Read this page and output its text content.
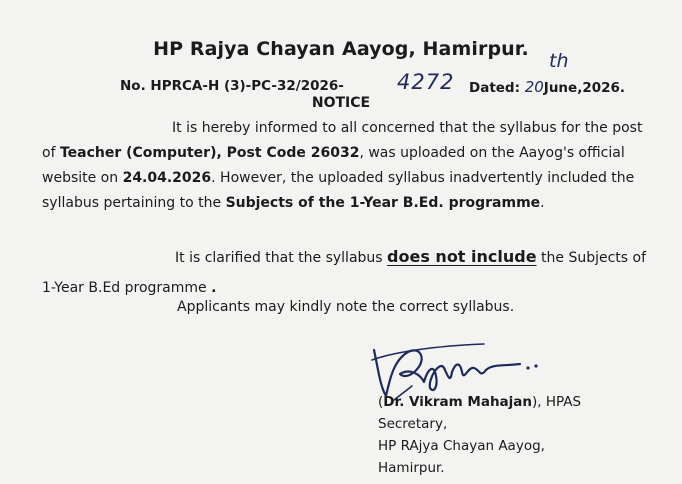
HP Rajya Chayan Aayog, Hamirpur.
No. HPRCA-H (3)-PC-32/2026-	4272
th
Dated: 20June,2026.
NOTICE
It is hereby informed to all concerned that the syllabus for the post of Teacher (Computer), Post Code 26032, was uploaded on the Aayog's official website on 24.04.2026. However, the uploaded syllabus inadvertently included the syllabus pertaining to the Subjects of the 1-Year B.Ed. programme.
It is clarified that the syllabus does not include the Subjects of 1-Year B.Ed programme .
Applicants may kindly note the correct syllabus.
(Dr. Vikram Mahajan), HPAS
Secretary,
HP RAjya Chayan Aayog,
Hamirpur.
